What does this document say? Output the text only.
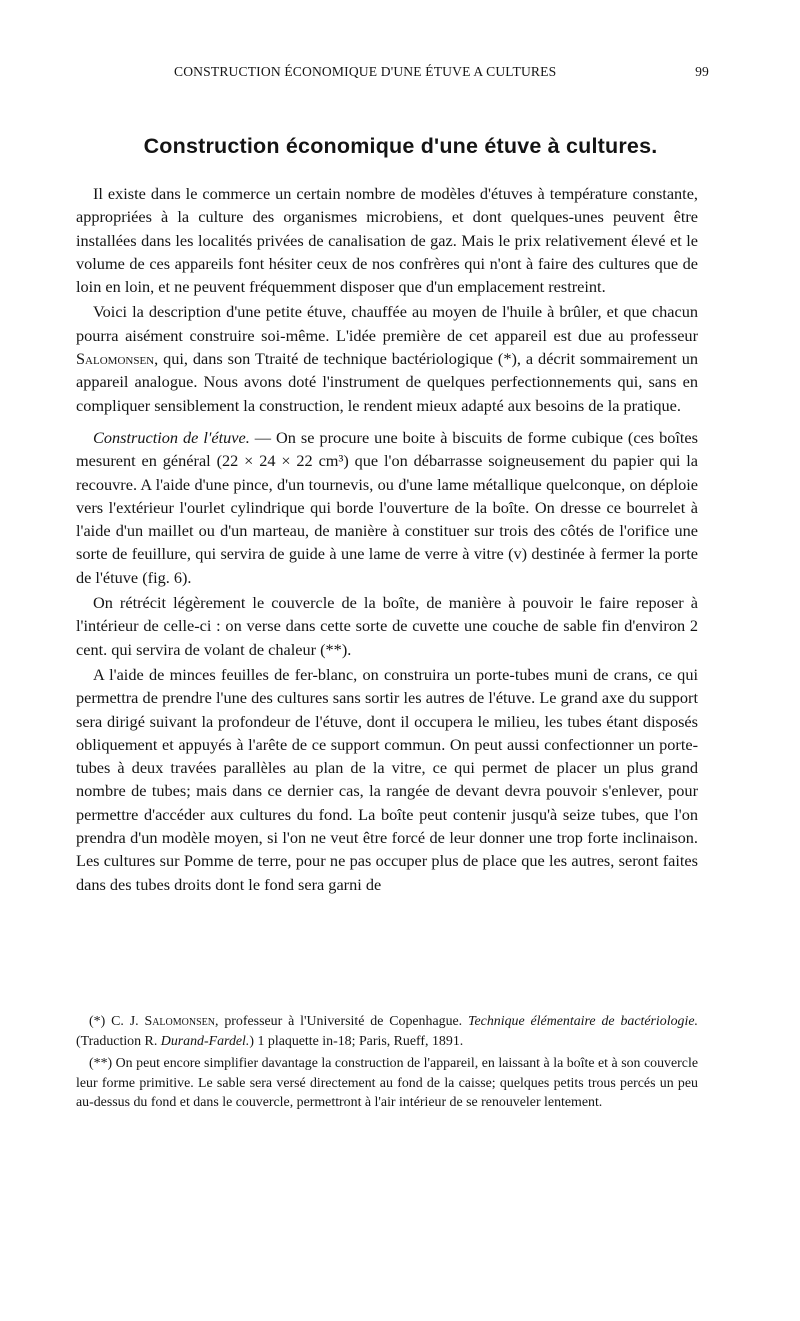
CONSTRUCTION ÉCONOMIQUE D'UNE ÉTUVE A CULTURES	99
Construction économique d'une étuve à cultures.

Il existe dans le commerce un certain nombre de modèles d'étuves à température constante, appropriées à la culture des organismes microbiens, et dont quelques-unes peuvent être installées dans les localités privées de canalisation de gaz. Mais le prix relativement élevé et le volume de ces appareils font hésiter ceux de nos confrères qui n'ont à faire des cultures que de loin en loin, et ne peuvent fréquemment disposer que d'un emplacement restreint.

Voici la description d'une petite étuve, chauffée au moyen de l'huile à brûler, et que chacun pourra aisément construire soi-même. L'idée première de cet appareil est due au professeur Salomonsen, qui, dans son Ttraité de technique bactériologique (*), a décrit sommairement un appareil analogue. Nous avons doté l'instrument de quelques perfectionnements qui, sans en compliquer sensiblement la construction, le rendent mieux adapté aux besoins de la pratique.

Construction de l'étuve. — On se procure une boite à biscuits de forme cubique (ces boîtes mesurent en général (22 × 24 × 22 cm³) que l'on débarrasse soigneusement du papier qui la recouvre. A l'aide d'une pince, d'un tournevis, ou d'une lame métallique quelconque, on déploie vers l'extérieur l'ourlet cylindrique qui borde l'ouverture de la boîte. On dresse ce bourrelet à l'aide d'un maillet ou d'un marteau, de manière à constituer sur trois des côtés de l'orifice une sorte de feuillure, qui servira de guide à une lame de verre à vitre (v) destinée à fermer la porte de l'étuve (fig. 6).

On rétrécit légèrement le couvercle de la boîte, de manière à pouvoir le faire reposer à l'intérieur de celle-ci : on verse dans cette sorte de cuvette une couche de sable fin d'environ 2 cent. qui servira de volant de chaleur (**).

A l'aide de minces feuilles de fer-blanc, on construira un porte-tubes muni de crans, ce qui permettra de prendre l'une des cultures sans sortir les autres de l'étuve. Le grand axe du support sera dirigé suivant la profondeur de l'étuve, dont il occupera le milieu, les tubes étant disposés obliquement et appuyés à l'arête de ce support commun. On peut aussi confectionner un porte-tubes à deux travées parallèles au plan de la vitre, ce qui permet de placer un plus grand nombre de tubes; mais dans ce dernier cas, la rangée de devant devra pouvoir s'enlever, pour permettre d'accéder aux cultures du fond. La boîte peut contenir jusqu'à seize tubes, que l'on prendra d'un modèle moyen, si l'on ne veut être forcé de leur donner une trop forte inclinaison. Les cultures sur Pomme de terre, pour ne pas occuper plus de place que les autres, seront faites dans des tubes droits dont le fond sera garni de

(*) C. J. Salomonsen, professeur à l'Université de Copenhague. Technique élémentaire de bactériologie. (Traduction R. Durand-Fardel.) 1 plaquette in-18; Paris, Rueff, 1891.

(**) On peut encore simplifier davantage la construction de l'appareil, en laissant à la boîte et à son couvercle leur forme primitive. Le sable sera versé directement au fond de la caisse; quelques petits trous percés un peu au-dessus du fond et dans le couvercle, permettront à l'air intérieur de se renouveler lentement.
